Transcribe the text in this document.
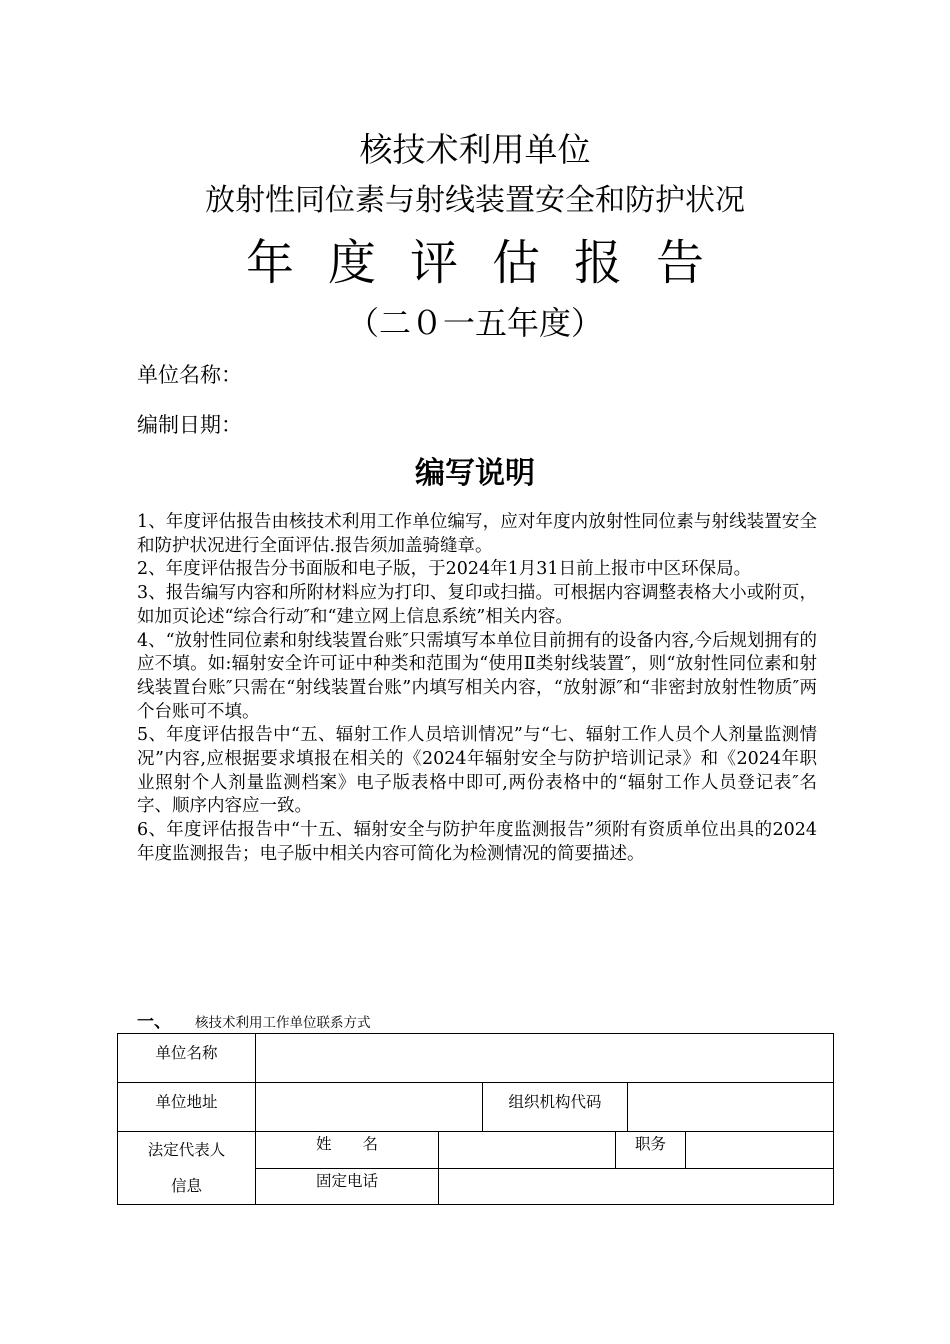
核技术利用单位
放射性同位素与射线装置安全和防护状况
年度评估报告
（二０一五年度）
单位名称：
编制日期：
编写说明

1、年度评估报告由核技术利用工作单位编写，应对年度内放射性同位素与射线装置安全和防护状况进行全面评估.报告须加盖骑缝章。

2、年度评估报告分书面版和电子版，于2024年1月31日前上报市中区环保局。

3、报告编写内容和所附材料应为打印、复印或扫描。可根据内容调整表格大小或附页，如加页论述“综合行动″和“建立网上信息系统”相关内容。

4、“放射性同位素和射线装置台账″只需填写本单位目前拥有的设备内容,今后规划拥有的应不填。如:辐射安全许可证中种类和范围为“使用Ⅱ类射线装置″，则“放射性同位素和射线装置台账″只需在“射线装置台账”内填写相关内容，“放射源″和“非密封放射性物质″两个台账可不填。

5、年度评估报告中“五、辐射工作人员培训情况”与“七、辐射工作人员个人剂量监测情况”内容,应根据要求填报在相关的《2024年辐射安全与防护培训记录》和《2024年职业照射个人剂量监测档案》电子版表格中即可,两份表格中的“辐射工作人员登记表″名字、顺序内容应一致。

6、年度评估报告中“十五、辐射安全与防护年度监测报告”须附有资质单位出具的2024年度监测报告；电子版中相关内容可简化为检测情况的简要描述。

一、 核技术利用工作单位联系方式
单位名称						

单位地址			组织机构代码			

法定代表人
信息	姓　　名			职务		

	固定电话					
